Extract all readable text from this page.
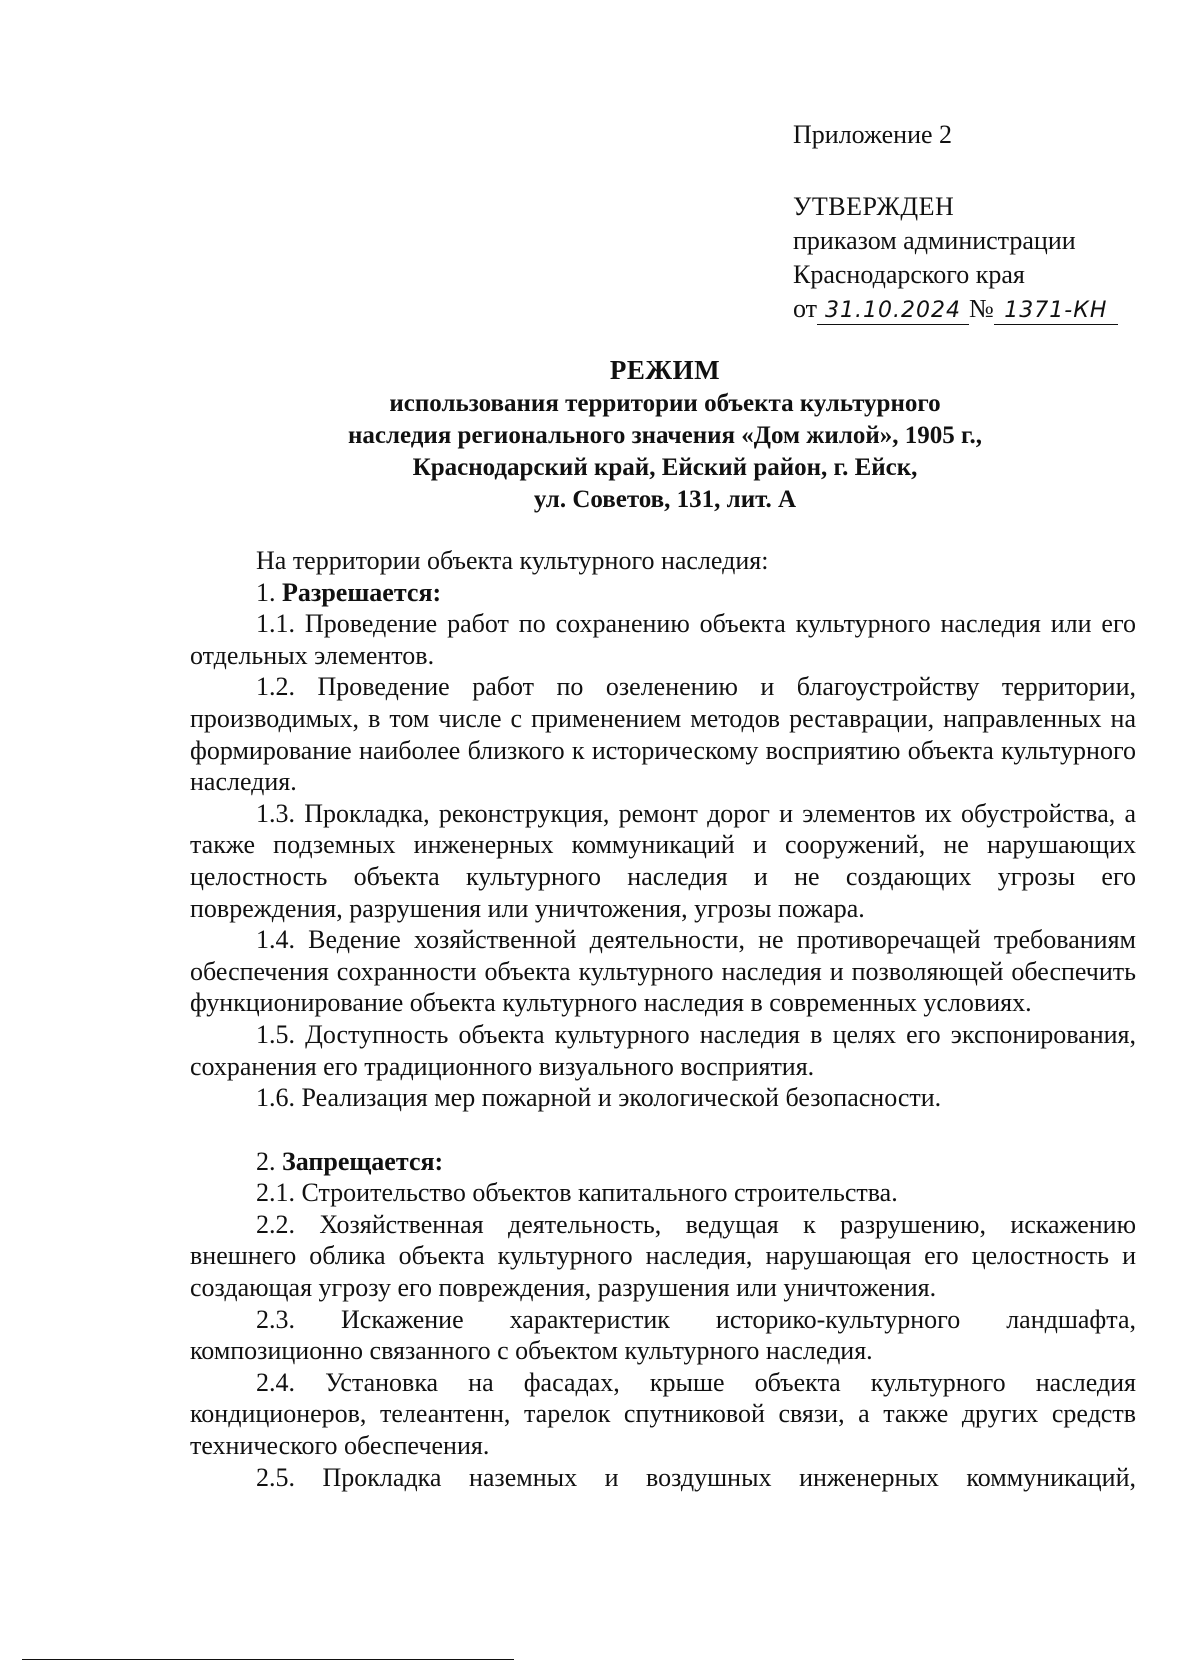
Приложение 2
УТВЕРЖДЕН
приказом администрации
Краснодарского края
от 31.10.2024 № 1371-КН
РЕЖИМ
использования территории объекта культурного
наследия регионального значения «Дом жилой», 1905 г.,
Краснодарский край, Ейский район, г. Ейск,
ул. Советов, 131, лит. А

На территории объекта культурного наследия:

1. Разрешается:

1.1. Проведение работ по сохранению объекта культурного наследия или его отдельных элементов.

1.2. Проведение работ по озеленению и благоустройству территории, производимых, в том числе с применением методов реставрации, направленных на формирование наиболее близкого к историческому восприятию объекта культурного наследия.

1.3. Прокладка, реконструкция, ремонт дорог и элементов их обустройства, а также подземных инженерных коммуникаций и сооружений, не нарушающих целостность объекта культурного наследия и не создающих угрозы его повреждения, разрушения или уничтожения, угрозы пожара.

1.4. Ведение хозяйственной деятельности, не противоречащей требованиям обеспечения сохранности объекта культурного наследия и позволяющей обеспечить функционирование объекта культурного наследия в современных условиях.

1.5. Доступность объекта культурного наследия в целях его экспонирования, сохранения его традиционного визуального восприятия.

1.6. Реализация мер пожарной и экологической безопасности.

2. Запрещается:

2.1. Строительство объектов капитального строительства.

2.2. Хозяйственная деятельность, ведущая к разрушению, искажению внешнего облика объекта культурного наследия, нарушающая его целостность и создающая угрозу его повреждения, разрушения или уничтожения.

2.3. Искажение характеристик историко-культурного ландшафта, композиционно связанного с объектом культурного наследия.

2.4. Установка на фасадах, крыше объекта культурного наследия кондиционеров, телеантенн, тарелок спутниковой связи, а также других средств технического обеспечения.

2.5. Прокладка наземных и воздушных инженерных коммуникаций,
